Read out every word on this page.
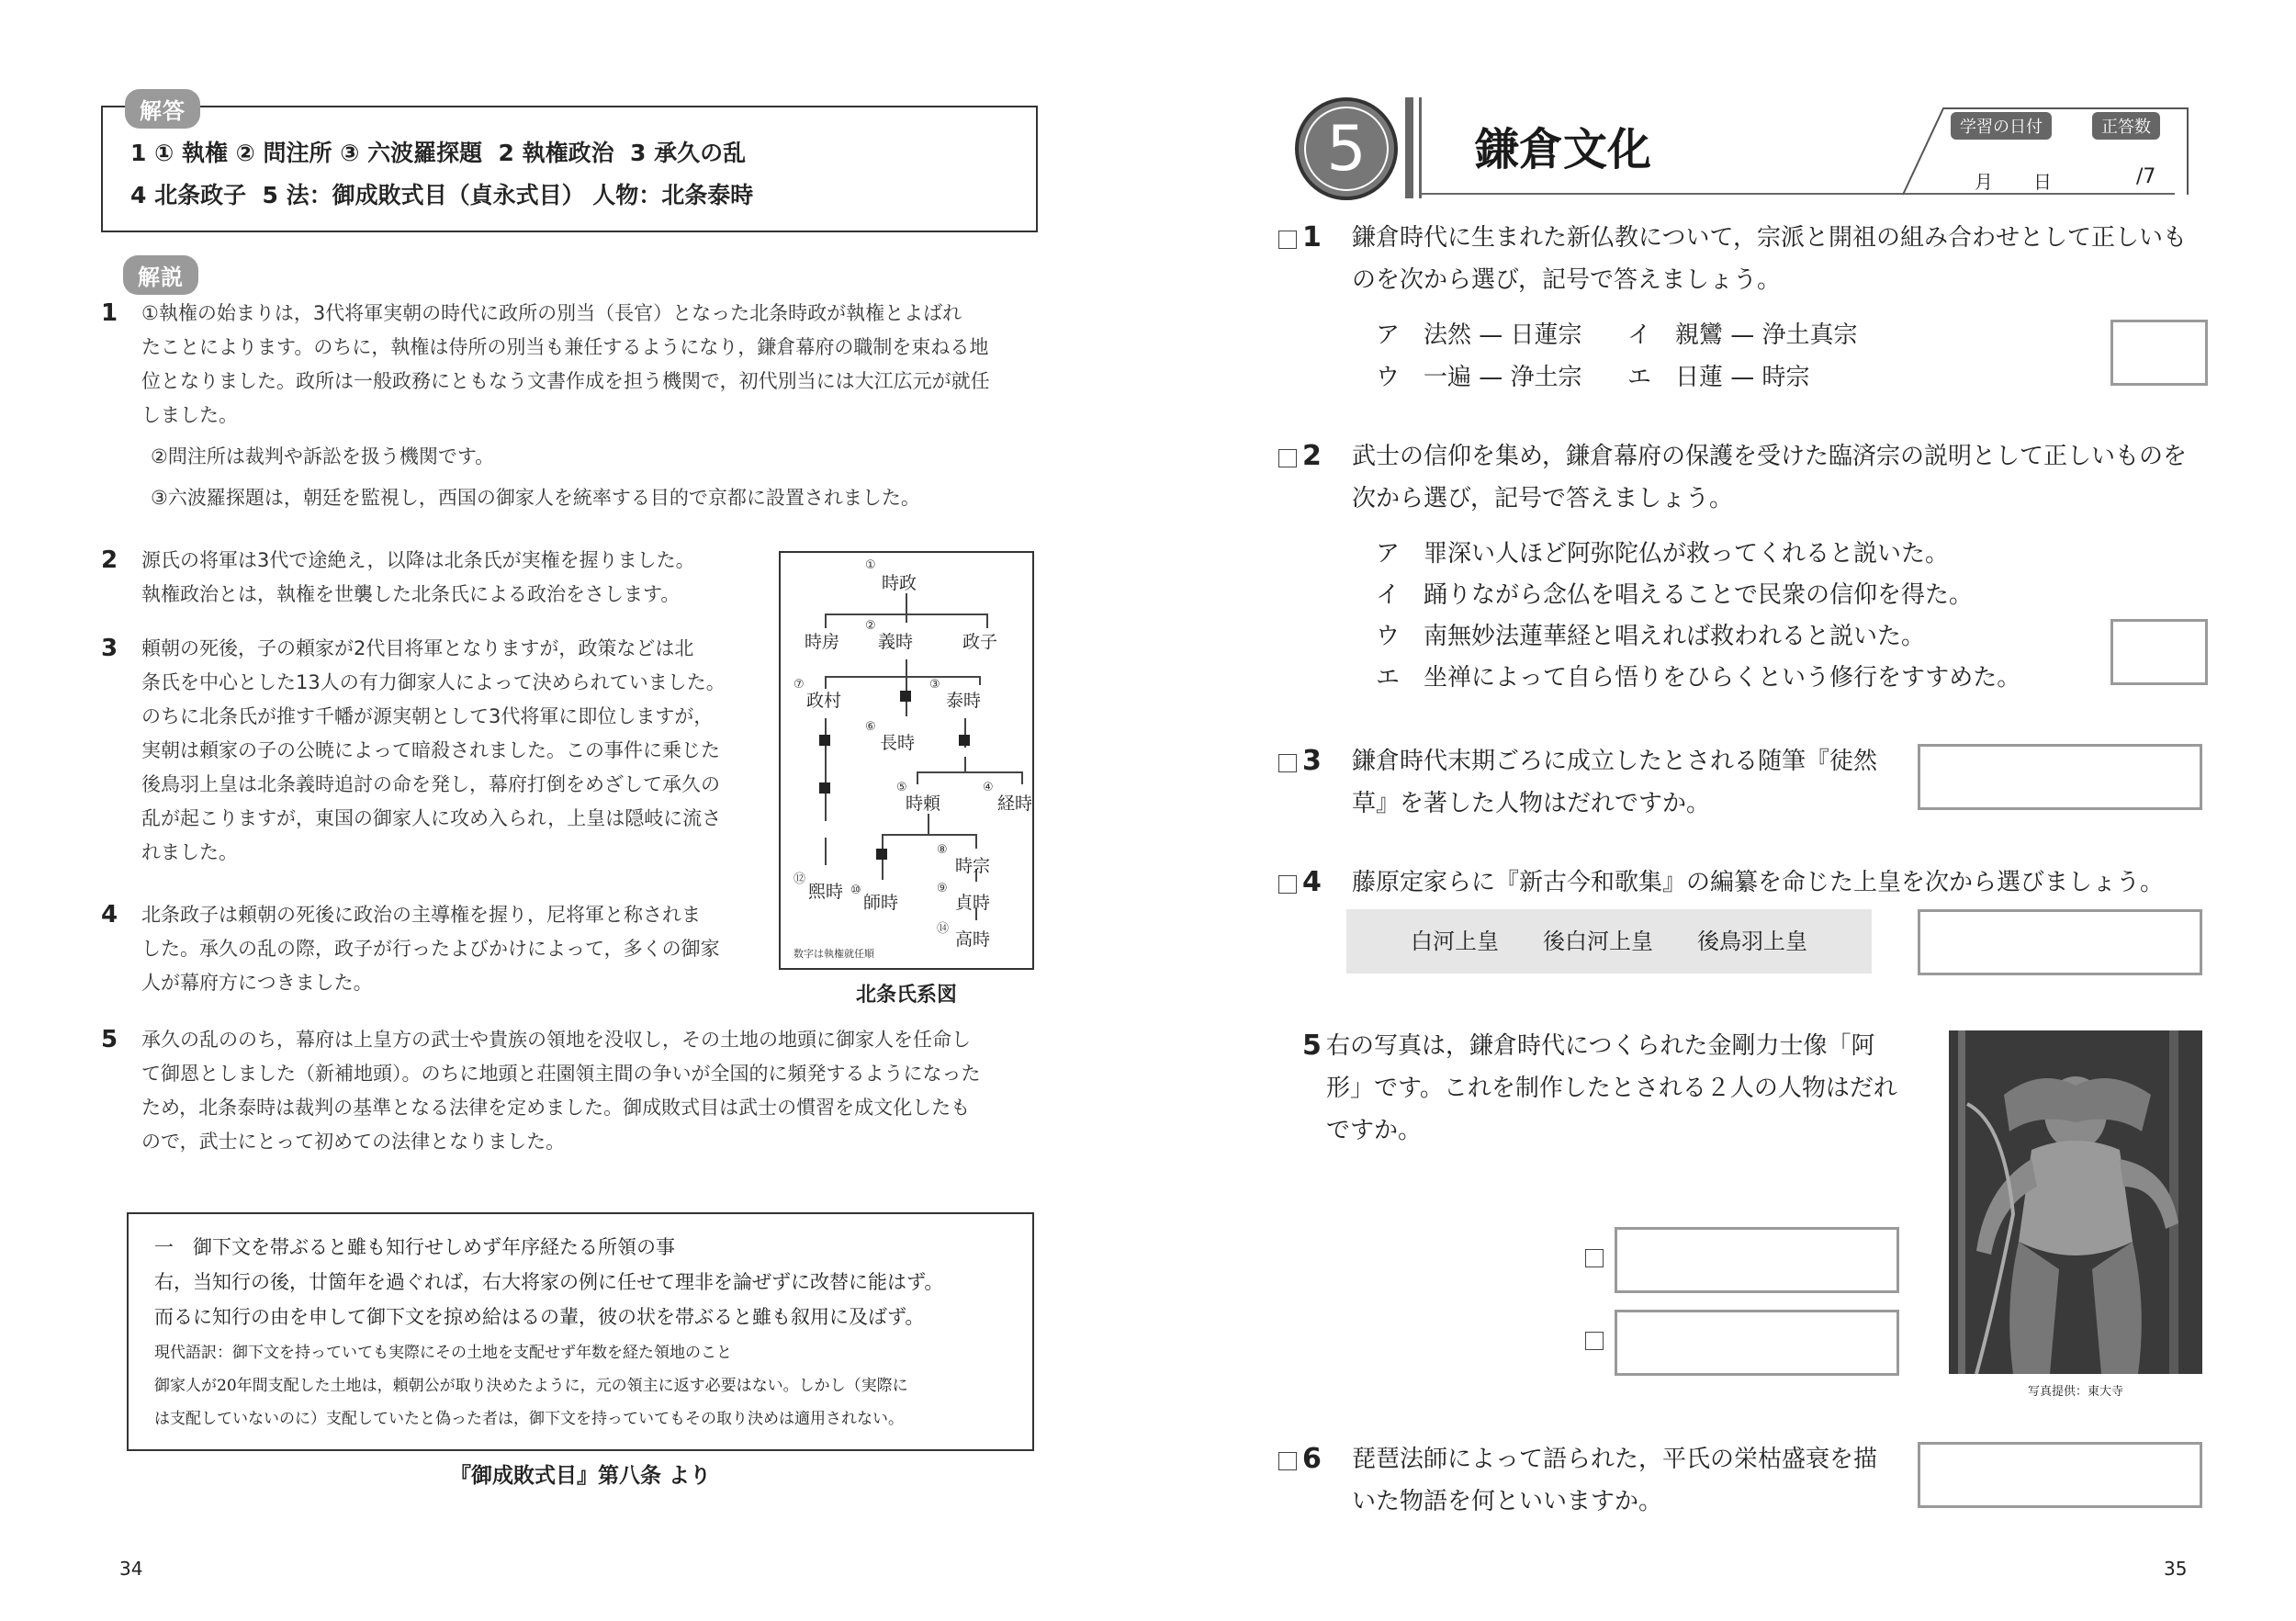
解答
1 ① 執権 ② 問注所 ③ 六波羅探題  2 執権政治  3 承久の乱
4 北条政子  5 法：御成敗式目（貞永式目） 人物：北条泰時
解説
1 ①執権の始まりは，3代将軍実朝の時代に政所の別当（長官）となった北条時政が執権とよばれ
たことによります。のちに，執権は侍所の別当も兼任するようになり，鎌倉幕府の職制を束ねる地
位となりました。政所は一般政務にともなう文書作成を担う機関で，初代別当には大江広元が就任
しました。
②問注所は裁判や訴訟を扱う機関です。
③六波羅探題は，朝廷を監視し，西国の御家人を統率する目的で京都に設置されました。
2 源氏の将軍は3代で途絶え，以降は北条氏が実権を握りました。
執権政治とは，執権を世襲した北条氏による政治をさします。
3 頼朝の死後，子の頼家が2代目将軍となりますが，政策などは北
条氏を中心とした13人の有力御家人によって決められていました。
のちに北条氏が推す千幡が源実朝として3代将軍に即位しますが，
実朝は頼家の子の公暁によって暗殺されました。この事件に乗じた
後鳥羽上皇は北条義時追討の命を発し，幕府打倒をめざして承久の
乱が起こりますが，東国の御家人に攻め入られ，上皇は隠岐に流さ
れました。
4 北条政子は頼朝の死後に政治の主導権を握り，尼将軍と称されま
した。承久の乱の際，政子が行ったよびかけによって，多くの御家
人が幕府方につきました。
5 承久の乱ののち，幕府は上皇方の武士や貴族の領地を没収し，その土地の地頭に御家人を任命し
て御恩としました（新補地頭）。のちに地頭と荘園領主間の争いが全国的に頻発するようになった
ため，北条泰時は裁判の基準となる法律を定めました。御成敗式目は武士の慣習を成文化したも
ので，武士にとって初めての法律となりました。
①
時政
時房
②
義時	政子
⑦
政村
③
泰時
⑥
長時
⑤
時頼
④
経時
⑫
煕時
⑧
時宗
⑩
師時
⑨
貞時
⑭
高時
数字は執権就任順
北条氏系図
一　御下文を帯ぶると雖も知行せしめず年序経たる所領の事
右，当知行の後，廿箇年を過ぐれば，右大将家の例に任せて理非を論ぜずに改替に能はず。
而るに知行の由を申して御下文を掠め給はるの輩，彼の状を帯ぶると雖も叙用に及ばず。
現代語訳：御下文を持っていても実際にその土地を支配せず年数を経た領地のこと
御家人が20年間支配した土地は，頼朝公が取り決めたように，元の領主に返す必要はない。しかし（実際に
は支配していないのに）支配していたと偽った者は，御下文を持っていてもその取り決めは適用されない。
『御成敗式目』第八条 より
34
5	鎌倉文化	学習の日付	正答数
月 日	/7
1 鎌倉時代に生まれた新仏教について，宗派と開祖の組み合わせとして正しいも
のを次から選び，記号で答えましょう。
ア　法然 — 日蓮宗 イ　親鸞 — 浄土真宗
ウ　一遍 — 浄土宗 エ　日蓮 — 時宗
2 武士の信仰を集め，鎌倉幕府の保護を受けた臨済宗の説明として正しいものを
次から選び，記号で答えましょう。
ア　罪深い人ほど阿弥陀仏が救ってくれると説いた。
イ　踊りながら念仏を唱えることで民衆の信仰を得た。
ウ　南無妙法蓮華経と唱えれば救われると説いた。
エ　坐禅によって自ら悟りをひらくという修行をすすめた。
3 鎌倉時代末期ごろに成立したとされる随筆『徒然
草』を著した人物はだれですか。
4 藤原定家らに『新古今和歌集』の編纂を命じた上皇を次から選びましょう。
白河上皇　　後白河上皇　　後鳥羽上皇
5 右の写真は，鎌倉時代につくられた金剛力士像「阿
形」です。これを制作したとされる２人の人物はだれ
ですか。
写真提供：東大寺
6 琵琶法師によって語られた，平氏の栄枯盛衰を描
いた物語を何といいますか。
35
